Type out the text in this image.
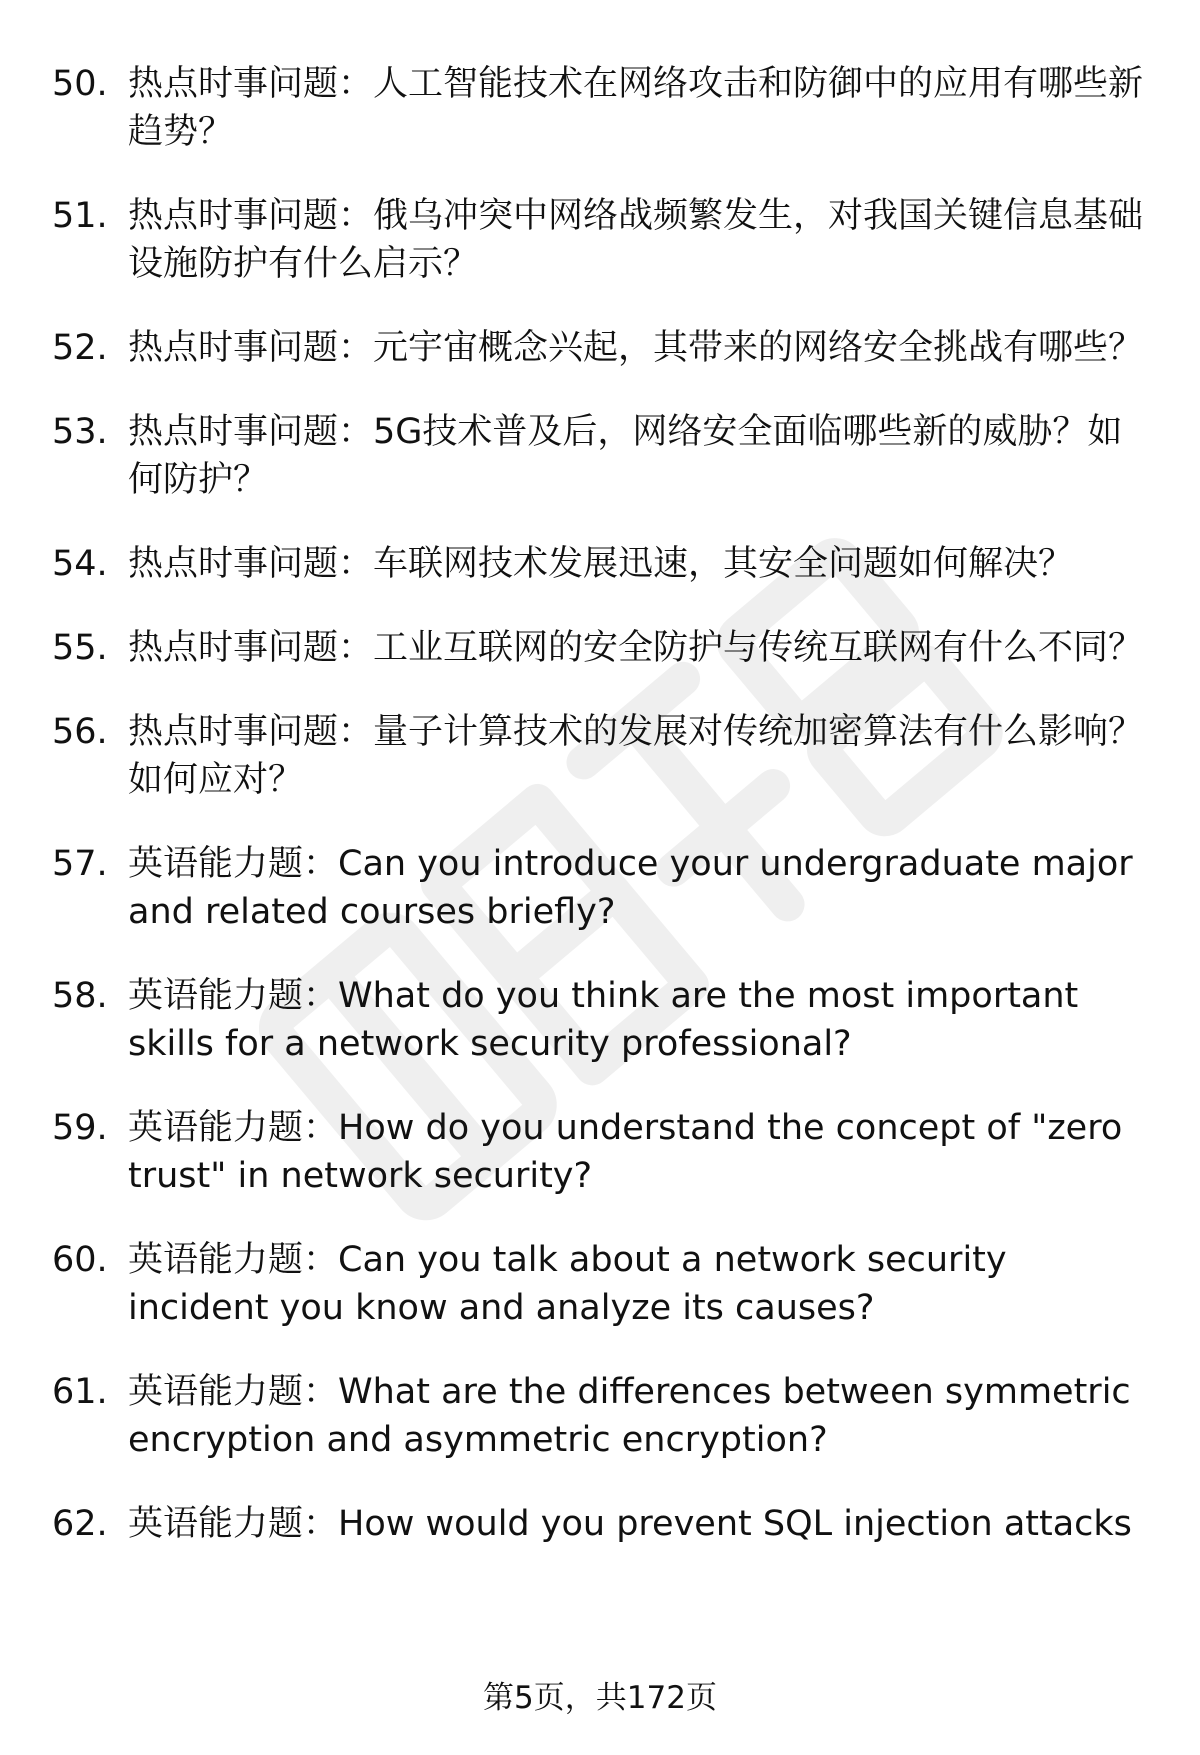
50. 热点时事问题：人工智能技术在网络攻击和防御中的应用有哪些新趋势？
51. 热点时事问题：俄乌冲突中网络战频繁发生，对我国关键信息基础设施防护有什么启示？
52. 热点时事问题：元宇宙概念兴起，其带来的网络安全挑战有哪些？
53. 热点时事问题：5G技术普及后，网络安全面临哪些新的威胁？如何防护？
54. 热点时事问题：车联网技术发展迅速，其安全问题如何解决？
55. 热点时事问题：工业互联网的安全防护与传统互联网有什么不同？
56. 热点时事问题：量子计算技术的发展对传统加密算法有什么影响？如何应对？
57. 英语能力题：Can you introduce your undergraduate major and related courses briefly?
58. 英语能力题：What do you think are the most important skills for a network security professional?
59. 英语能力题：How do you understand the concept of "zero trust" in network security?
60. 英语能力题：Can you talk about a network security incident you know and analyze its causes?
61. 英语能力题：What are the differences between symmetric encryption and asymmetric encryption?
62. 英语能力题：How would you prevent SQL injection attacks
第5页，共172页
